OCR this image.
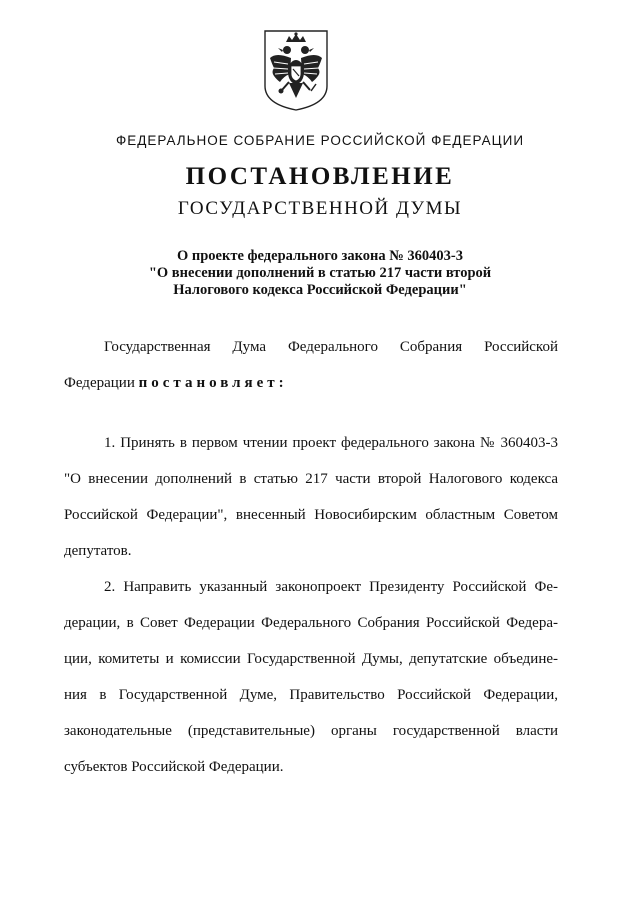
ФЕДЕРАЛЬНОЕ СОБРАНИЕ РОССИЙСКОЙ ФЕДЕРАЦИИ

ПОСТАНОВЛЕНИЕ

ГОСУДАРСТВЕННОЙ ДУМЫ

О проекте федерального закона № 360403-3
"О внесении дополнений в статью 217 части второй
Налогового кодекса Российской Федерации"

Государственная Дума Федерального Собрания Российской
Федерации постановляет:
1. Принять в первом чтении проект федерального закона № 360403-3
"О внесении дополнений в статью 217 части второй Налогового кодекса
Российской Федерации", внесенный Новосибирским областным Советом
депутатов.
2. Направить указанный законопроект Президенту Российской Фе-
дерации, в Совет Федерации Федерального Собрания Российской Федера-
ции, комитеты и комиссии Государственной Думы, депутатские объедине-
ния в Государственной Думе, Правительство Российской Федерации,
законодательные (представительные) органы государственной власти
субъектов Российской Федерации.
